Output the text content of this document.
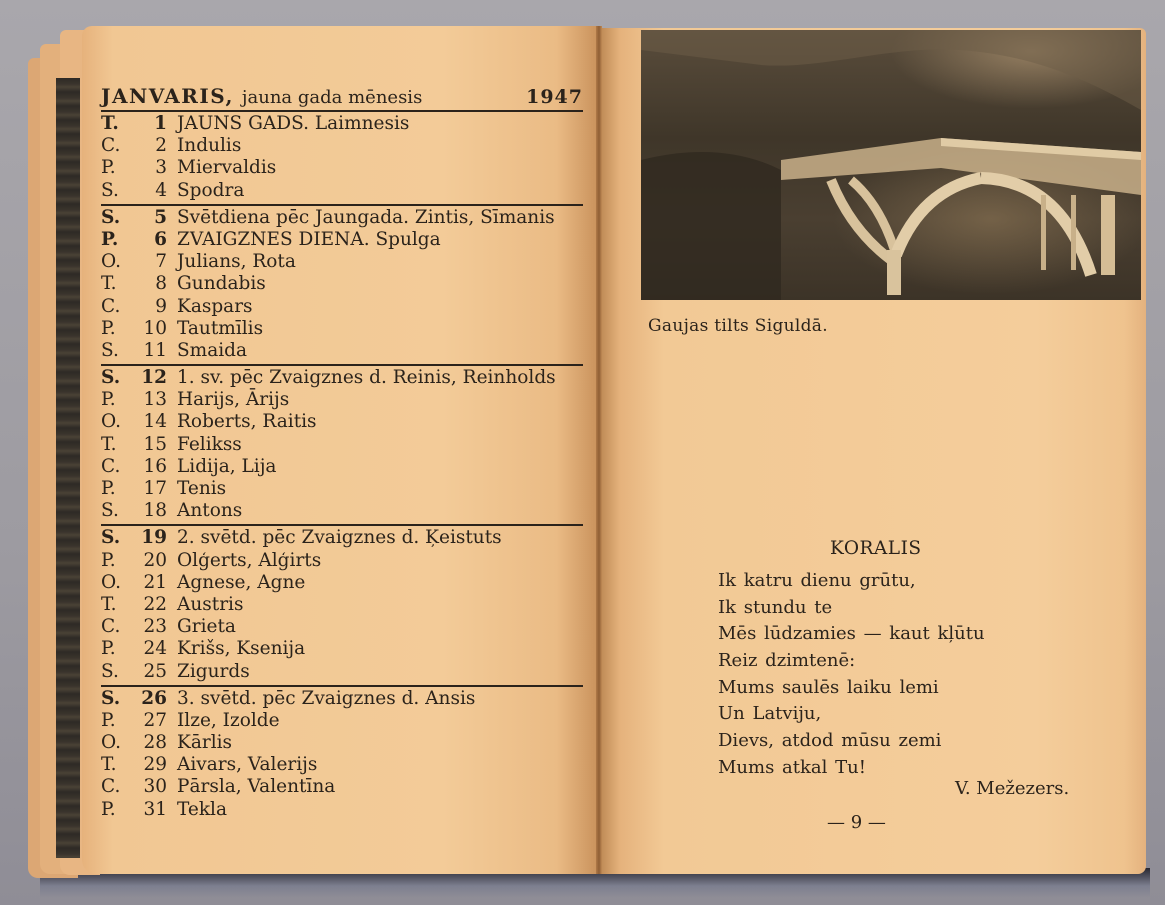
JANVARIS, jauna gada mēnesis	1947
T.	1 JAUNS GADS. Laimnesis
C.	2 Indulis
P.	3 Miervaldis
S.	4 Spodra
S.	5 Svētdiena pēc Jaungada. Zintis, Sīmanis
P.	6 ZVAIGZNES DIENA. Spulga
O.	7 Julians, Rota
T.	8 Gundabis
C.	9 Kaspars
P.	10 Tautmīlis
S.	11 Smaida
S.	12 1. sv. pēc Zvaigznes d. Reinis, Reinholds
P.	13 Harijs, Ārijs
O.	14 Roberts, Raitis
T.	15 Felikss
C.	16 Lidija, Lija
P.	17 Tenis
S.	18 Antons
S.	19 2. svētd. pēc Zvaigznes d. Ķeistuts
P.	20 Olģerts, Alģirts
O.	21 Agnese, Agne
T.	22 Austris
C.	23 Grieta
P.	24 Krišs, Ksenija
S.	25 Zigurds
S.	26 3. svētd. pēc Zvaigznes d. Ansis
P.	27 Ilze, Izolde
O.	28 Kārlis
T.	29 Aivars, Valerijs
C.	30 Pārsla, Valentīna
P.	31 Tekla
Gaujas tilts Siguldā.
KORALIS
Ik katru dienu grūtu,
Ik stundu te
Mēs lūdzamies — kaut kļūtu
Reiz dzimtenē:
Mums saulēs laiku lemi
Un Latviju,
Dievs, atdod mūsu zemi
Mums atkal Tu!
V. Mežezers.
— 9 —
